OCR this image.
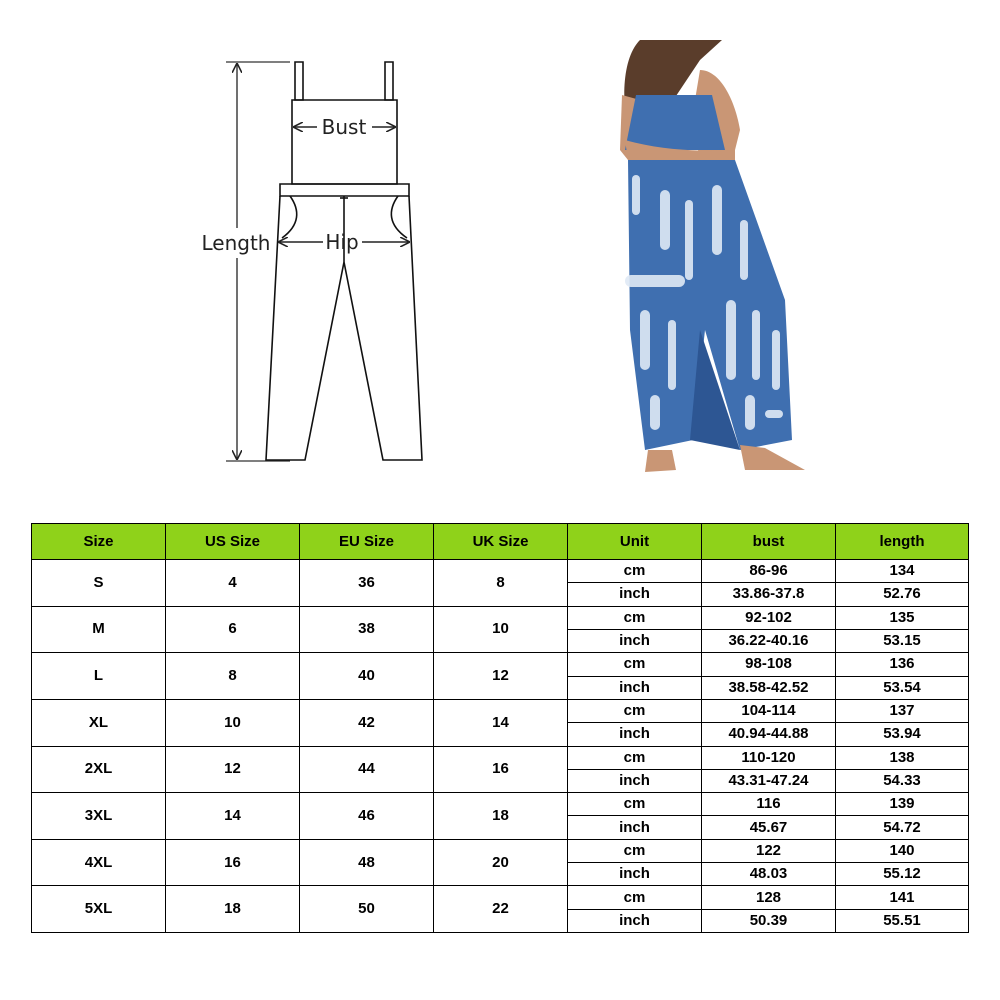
Bust
Length	Hip
Size	US Size	EU Size	UK Size	Unit	bust	length
S	4	36	8	cm	86-96	134
				inch	33.86-37.8	52.76
M	6	38	10	cm	92-102	135
				inch	36.22-40.16	53.15
L	8	40	12	cm	98-108	136
				inch	38.58-42.52	53.54
XL	10	42	14	cm	104-114	137
				inch	40.94-44.88	53.94
2XL	12	44	16	cm	110-120	138
				inch	43.31-47.24	54.33
3XL	14	46	18	cm	116	139
				inch	45.67	54.72
4XL	16	48	20	cm	122	140
				inch	48.03	55.12
5XL	18	50	22	cm	128	141
				inch	50.39	55.51
